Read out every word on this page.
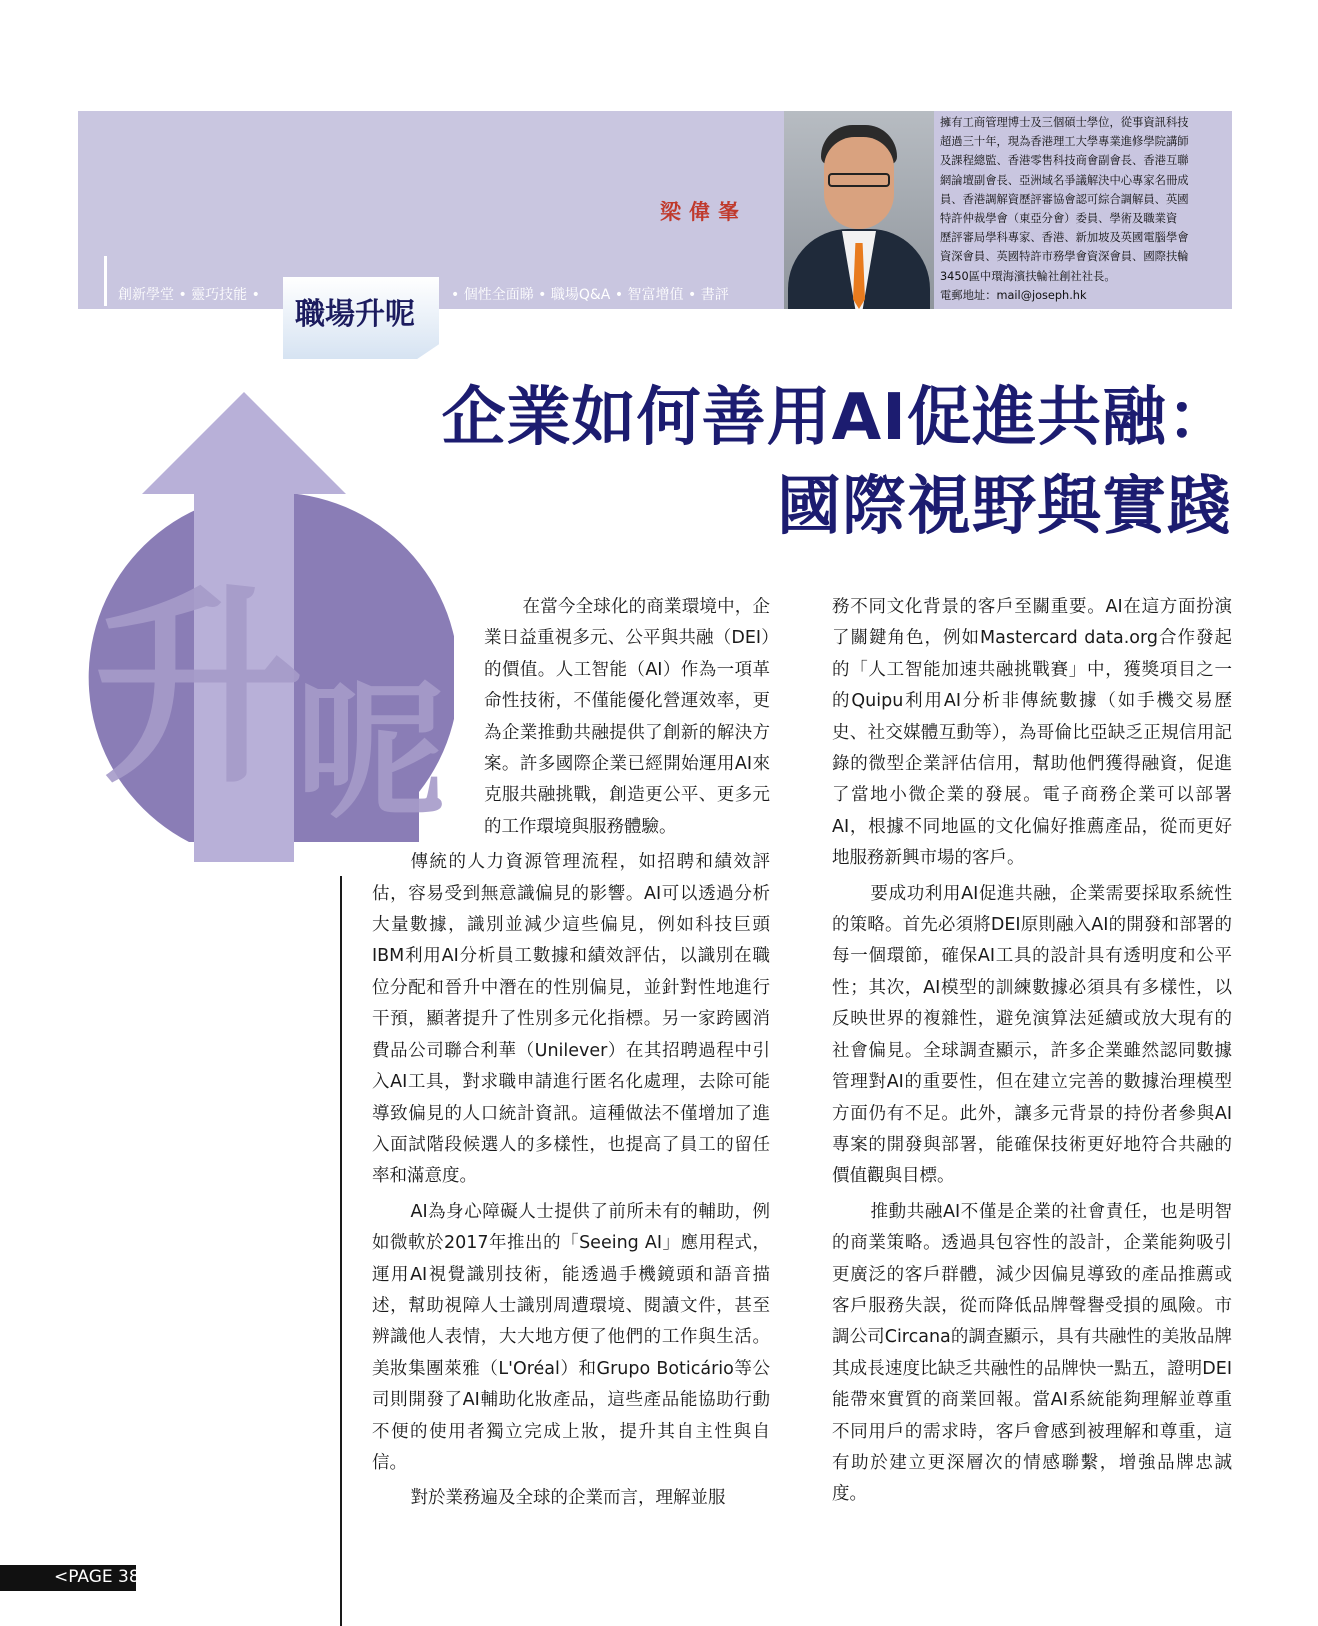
梁偉峯
擁有工商管理博士及三個碩士學位，從事資訊科技
超過三十年，現為香港理工大學專業進修學院講師
及課程總監、香港零售科技商會副會長、香港互聯
網論壇副會長、亞洲域名爭議解決中心專家名冊成
員、香港調解資歷評審協會認可綜合調解員、英國
特許仲裁學會（東亞分會）委員、學術及職業資
歷評審局學科專家、香港、新加坡及英國電腦學會
資深會員、英國特許市務學會資深會員、國際扶輪
3450區中環海濱扶輪社創社社長。
電郵地址：mail@joseph.hk
創新學堂 • 靈巧技能 •	• 個性全面睇 • 職場Q&A • 智富增值 • 書評
職場升呢
升
呢
企業如何善用AI促進共融：
國際視野與實踐

在當今全球化的商業環境中，企業日益重視多元、公平與共融（DEI）的價值。人工智能（AI）作為一項革命性技術，不僅能優化營運效率，更為企業推動共融提供了創新的解決方案。許多國際企業已經開始運用AI來克服共融挑戰，創造更公平、更多元的工作環境與服務體驗。

傳統的人力資源管理流程，如招聘和績效評估，容易受到無意識偏見的影響。AI可以透過分析大量數據，識別並減少這些偏見，例如科技巨頭IBM利用AI分析員工數據和績效評估，以識別在職位分配和晉升中潛在的性別偏見，並針對性地進行干預，顯著提升了性別多元化指標。另一家跨國消費品公司聯合利華（Unilever）在其招聘過程中引入AI工具，對求職申請進行匿名化處理，去除可能導致偏見的人口統計資訊。這種做法不僅增加了進入面試階段候選人的多樣性，也提高了員工的留任率和滿意度。

AI為身心障礙人士提供了前所未有的輔助，例如微軟於2017年推出的「Seeing AI」應用程式，運用AI視覺識別技術，能透過手機鏡頭和語音描述，幫助視障人士識別周遭環境、閱讀文件，甚至辨識他人表情，大大地方便了他們的工作與生活。美妝集團萊雅（L'Oréal）和Grupo Boticário等公司則開發了AI輔助化妝產品，這些產品能協助行動不便的使用者獨立完成上妝，提升其自主性與自信。

對於業務遍及全球的企業而言，理解並服

務不同文化背景的客戶至關重要。AI在這方面扮演了關鍵角色，例如Mastercard data.org合作發起的「人工智能加速共融挑戰賽」中，獲獎項目之一的Quipu利用AI分析非傳統數據（如手機交易歷史、社交媒體互動等），為哥倫比亞缺乏正規信用記錄的微型企業評估信用，幫助他們獲得融資，促進了當地小微企業的發展。電子商務企業可以部署AI，根據不同地區的文化偏好推薦產品，從而更好地服務新興市場的客戶。

要成功利用AI促進共融，企業需要採取系統性的策略。首先必須將DEI原則融入AI的開發和部署的每一個環節，確保AI工具的設計具有透明度和公平性；其次，AI模型的訓練數據必須具有多樣性，以反映世界的複雜性，避免演算法延續或放大現有的社會偏見。全球調查顯示，許多企業雖然認同數據管理對AI的重要性，但在建立完善的數據治理模型方面仍有不足。此外，讓多元背景的持份者參與AI專案的開發與部署，能確保技術更好地符合共融的價值觀與目標。

推動共融AI不僅是企業的社會責任，也是明智的商業策略。透過具包容性的設計，企業能夠吸引更廣泛的客戶群體，減少因偏見導致的產品推薦或客戶服務失誤，從而降低品牌聲譽受損的風險。市調公司Circana的調查顯示，具有共融性的美妝品牌其成長速度比缺乏共融性的品牌快一點五，證明DEI能帶來實質的商業回報。當AI系統能夠理解並尊重不同用戶的需求時，客戶會感到被理解和尊重，這有助於建立更深層次的情感聯繫，增強品牌忠誠度。

<PAGE 38
